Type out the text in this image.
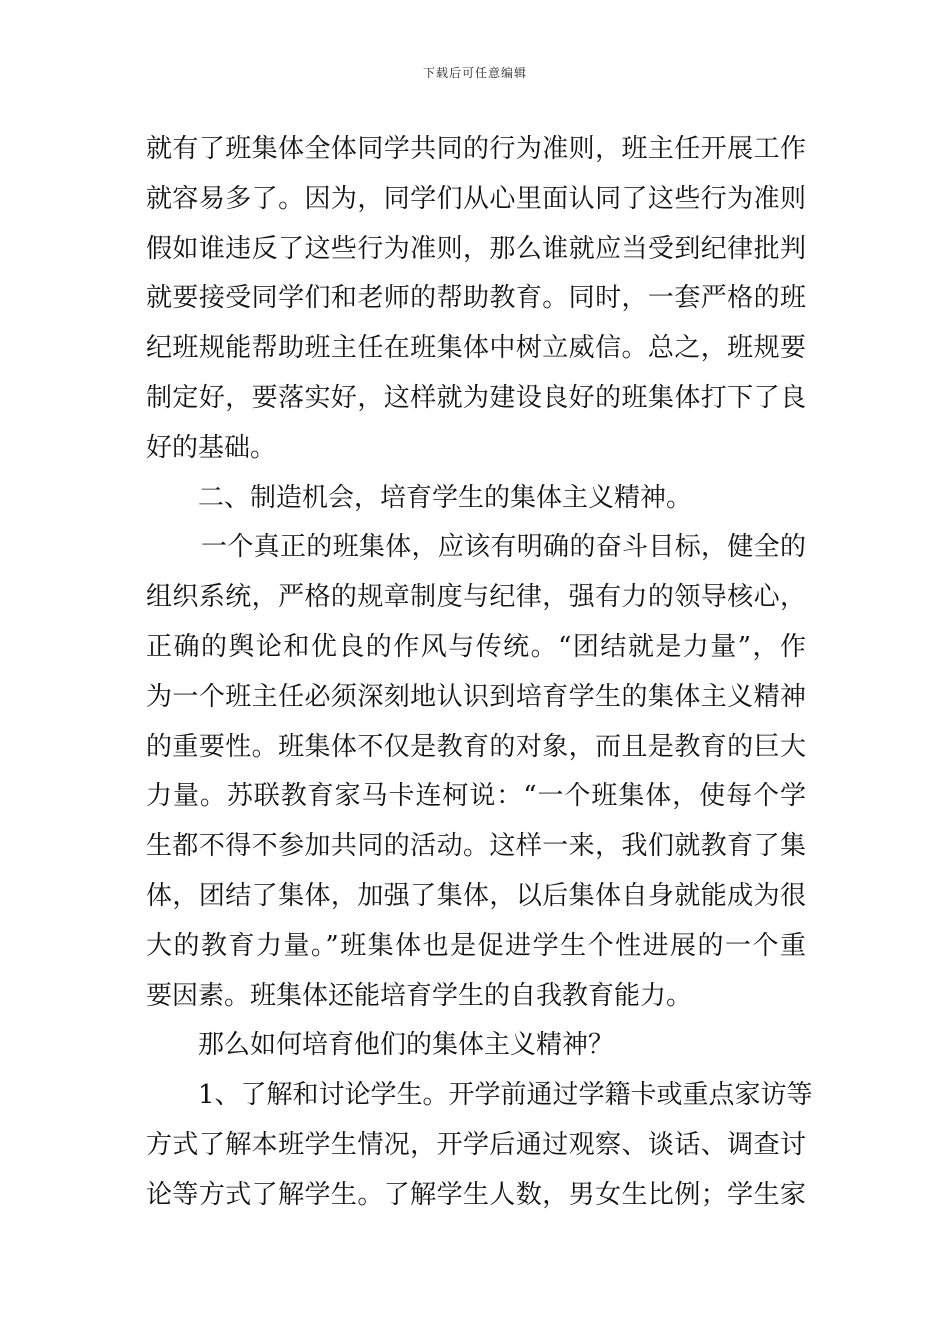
下载后可任意编辑
就有了班集体全体同学共同的行为准则，班主任开展工作
就容易多了。因为，同学们从心里面认同了这些行为准则
假如谁违反了这些行为准则，那么谁就应当受到纪律批判
就要接受同学们和老师的帮助教育。同时，一套严格的班
纪班规能帮助班主任在班集体中树立威信。总之，班规要
制定好，要落实好，这样就为建设良好的班集体打下了良
好的基础。
二、制造机会，培育学生的集体主义精神。
一个真正的班集体，应该有明确的奋斗目标，健全的
组织系统，严格的规章制度与纪律，强有力的领导核心，
正确的舆论和优良的作风与传统。“团结就是力量”，作
为一个班主任必须深刻地认识到培育学生的集体主义精神
的重要性。班集体不仅是教育的对象，而且是教育的巨大
力量。苏联教育家马卡连柯说：“一个班集体，使每个学
生都不得不参加共同的活动。这样一来，我们就教育了集
体，团结了集体，加强了集体，以后集体自身就能成为很
大的教育力量。”班集体也是促进学生个性进展的一个重
要因素。班集体还能培育学生的自我教育能力。
那么如何培育他们的集体主义精神？
1、了解和讨论学生。开学前通过学籍卡或重点家访等
方式了解本班学生情况，开学后通过观察、谈话、调查讨
论等方式了解学生。了解学生人数，男女生比例；学生家
